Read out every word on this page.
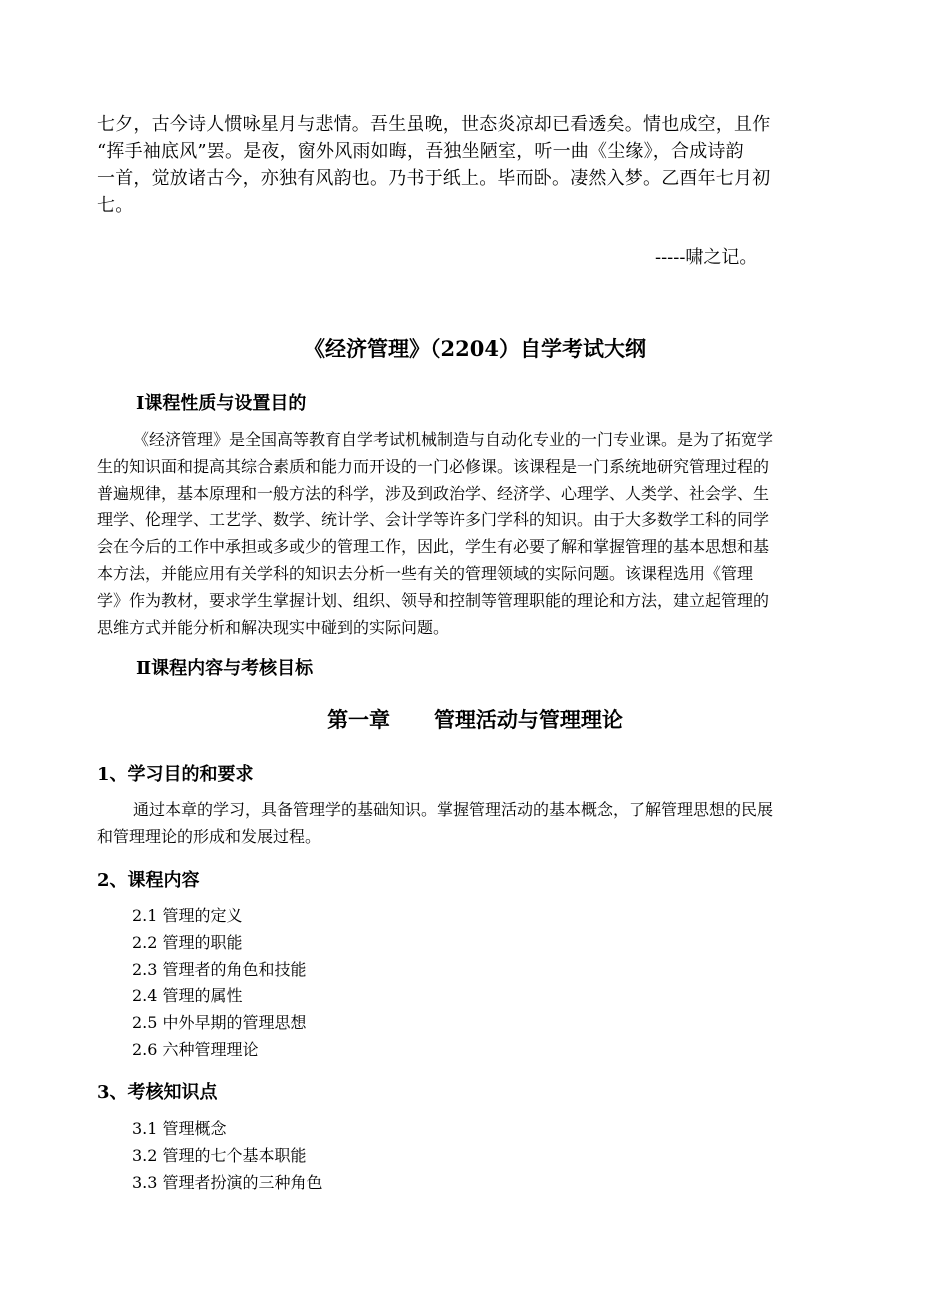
七夕，古今诗人惯咏星月与悲情。吾生虽晚，世态炎凉却已看透矣。情也成空，且作
“挥手袖底风”罢。是夜，窗外风雨如晦，吾独坐陋室，听一曲《尘缘》，合成诗韵
一首，觉放诸古今，亦独有风韵也。乃书于纸上。毕而卧。凄然入梦。乙酉年七月初
七。
-----啸之记。
《经济管理》（2204）自学考试大纲
Ⅰ课程性质与设置目的
《经济管理》是全国高等教育自学考试机械制造与自动化专业的一门专业课。是为了拓宽学
生的知识面和提高其综合素质和能力而开设的一门必修课。该课程是一门系统地研究管理过程的
普遍规律，基本原理和一般方法的科学，涉及到政治学、经济学、心理学、人类学、社会学、生
理学、伦理学、工艺学、数学、统计学、会计学等许多门学科的知识。由于大多数学工科的同学
会在今后的工作中承担或多或少的管理工作，因此，学生有必要了解和掌握管理的基本思想和基
本方法，并能应用有关学科的知识去分析一些有关的管理领域的实际问题。该课程选用《管理
学》作为教材，要求学生掌握计划、组织、领导和控制等管理职能的理论和方法，建立起管理的
思维方式并能分析和解决现实中碰到的实际问题。
Ⅱ课程内容与考核目标
第一章 管理活动与管理理论
1、学习目的和要求
通过本章的学习，具备管理学的基础知识。掌握管理活动的基本概念，了解管理思想的民展
和管理理论的形成和发展过程。
2、课程内容
2.1 管理的定义
2.2 管理的职能
2.3 管理者的角色和技能
2.4 管理的属性
2.5 中外早期的管理思想
2.6 六种管理理论
3、考核知识点
3.1 管理概念
3.2 管理的七个基本职能
3.3 管理者扮演的三种角色
